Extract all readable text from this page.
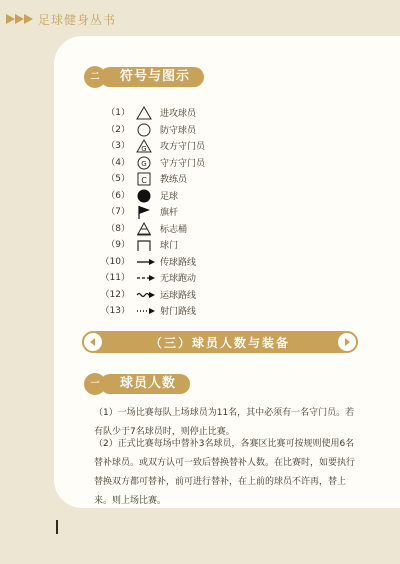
足球健身丛书
符号与图示
二
（1）	进攻球员
（2）	防守球员
（3） G 攻方守门员
（4） G 守方守门员
（5） C 教练员
（6）	足球
（7）	旗杆
（8）	标志桶
（9）	球门
（10）	传球路线
（11）	无球跑动
（12）	运球路线
（13）	射门路线
（三）球员人数与装备
球员人数
一

（1）一场比赛每队上场球员为11名，其中必须有一名守门员。若有队少于7名球员时，则停止比赛。

（2）正式比赛每场中替补3名球员，各赛区比赛可按规则使用6名替补球员。或双方认可一致后替换替补人数。在比赛时，如要执行替换双方都可替补，前可进行替补，在上前的球员不许再，替上来。则上场比赛。
